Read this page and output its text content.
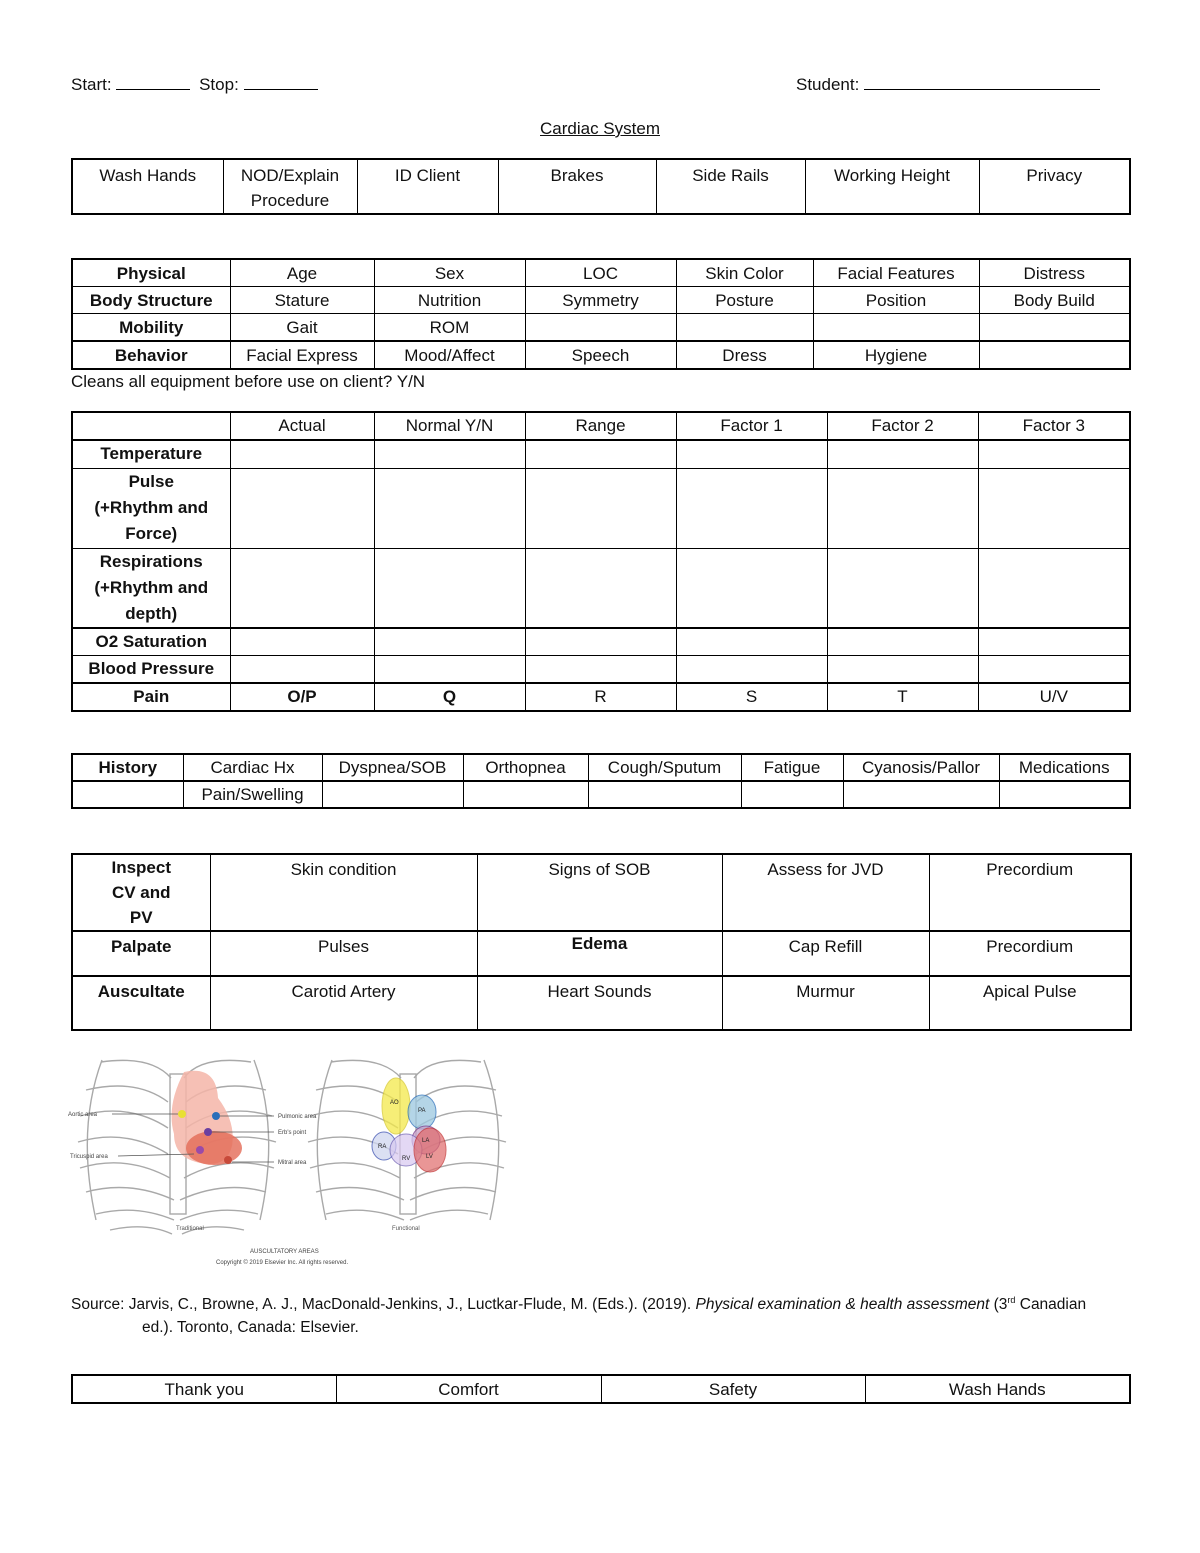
Start:	Stop:	Student:
Cardiac System
Wash Hands	NOD/Explain Procedure	ID Client	Brakes	Side Rails	Working Height	Privacy
Physical	Age	Sex	LOC	Skin Color	Facial Features	Distress
Body Structure	Stature	Nutrition	Symmetry	Posture	Position	Body Build
Mobility	Gait	ROM				
Behavior	Facial Express	Mood/Affect	Speech	Dress	Hygiene	
Cleans all equipment before use on client? Y/N
	Actual	Normal Y/N	Range	Factor 1	Factor 2	Factor 3
Temperature						
Pulse (+Rhythm and Force)						
Respirations (+Rhythm and depth)						
O2 Saturation						
Blood Pressure						
Pain	O/P	Q	R	S	T	U/V
History	Cardiac Hx	Dyspnea/SOB	Orthopnea	Cough/Sputum	Fatigue	Cyanosis/Pallor	Medications
	Pain/Swelling						
Inspect CV and PV	Skin condition	Signs of SOB	Assess for JVD	Precordium
Palpate	Pulses	Edema	Cap Refill	Precordium
Auscultate	Carotid Artery	Heart Sounds	Murmur	Apical Pulse
Aortic area
Tricuspid area
Pulmonic area
Erb's point
Mitral area
AO
PA
RA
LA
RV	LV
Traditional	Functional
AUSCULTATORY AREAS
Copyright © 2019 Elsevier Inc. All rights reserved.
Source: Jarvis, C., Browne, A. J., MacDonald-Jenkins, J., Luctkar-Flude, M. (Eds.). (2019). Physical examination & health assessment (3rd Canadian
ed.). Toronto, Canada: Elsevier.
Thank you	Comfort	Safety	Wash Hands
